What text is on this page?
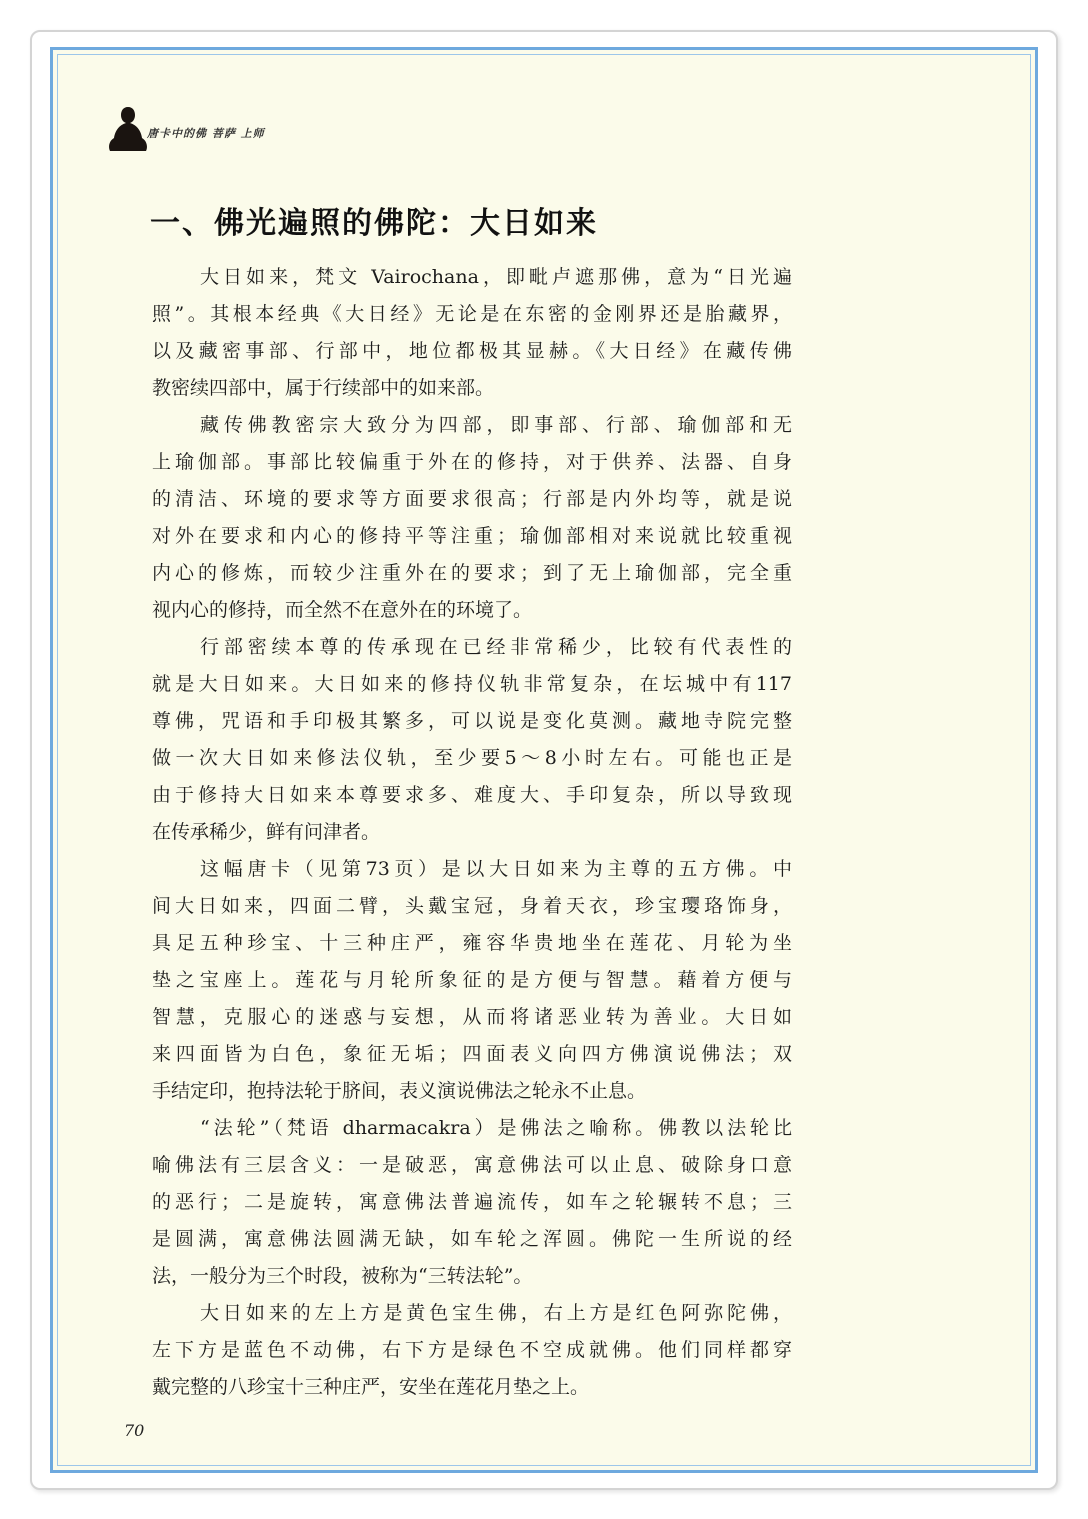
唐卡中的佛 菩萨 上师
一、佛光遍照的佛陀：大日如来
大日如来，梵文 Vairochana，即毗卢遮那佛，意为“日光遍
照”。其根本经典《大日经》无论是在东密的金刚界还是胎藏界，
以及藏密事部、行部中，地位都极其显赫。《大日经》在藏传佛
教密续四部中，属于行续部中的如来部。
藏传佛教密宗大致分为四部，即事部、行部、瑜伽部和无
上瑜伽部。事部比较偏重于外在的修持，对于供养、法器、自身
的清洁、环境的要求等方面要求很高；行部是内外均等，就是说
对外在要求和内心的修持平等注重；瑜伽部相对来说就比较重视
内心的修炼，而较少注重外在的要求；到了无上瑜伽部，完全重
视内心的修持，而全然不在意外在的环境了。
行部密续本尊的传承现在已经非常稀少，比较有代表性的
就是大日如来。大日如来的修持仪轨非常复杂，在坛城中有117
尊佛，咒语和手印极其繁多，可以说是变化莫测。藏地寺院完整
做一次大日如来修法仪轨，至少要5～8小时左右。可能也正是
由于修持大日如来本尊要求多、难度大、手印复杂，所以导致现
在传承稀少，鲜有问津者。
这幅唐卡（见第73页）是以大日如来为主尊的五方佛。中
间大日如来，四面二臂，头戴宝冠，身着天衣，珍宝璎珞饰身，
具足五种珍宝、十三种庄严，雍容华贵地坐在莲花、月轮为坐
垫之宝座上。莲花与月轮所象征的是方便与智慧。藉着方便与
智慧，克服心的迷惑与妄想，从而将诸恶业转为善业。大日如
来四面皆为白色，象征无垢；四面表义向四方佛演说佛法；双
手结定印，抱持法轮于脐间，表义演说佛法之轮永不止息。
“法轮”（梵语 dharmacakra）是佛法之喻称。佛教以法轮比
喻佛法有三层含义：一是破恶，寓意佛法可以止息、破除身口意
的恶行；二是旋转，寓意佛法普遍流传，如车之轮辗转不息；三
是圆满，寓意佛法圆满无缺，如车轮之浑圆。佛陀一生所说的经
法，一般分为三个时段，被称为“三转法轮”。
大日如来的左上方是黄色宝生佛，右上方是红色阿弥陀佛，
左下方是蓝色不动佛，右下方是绿色不空成就佛。他们同样都穿
戴完整的八珍宝十三种庄严，安坐在莲花月垫之上。
70
